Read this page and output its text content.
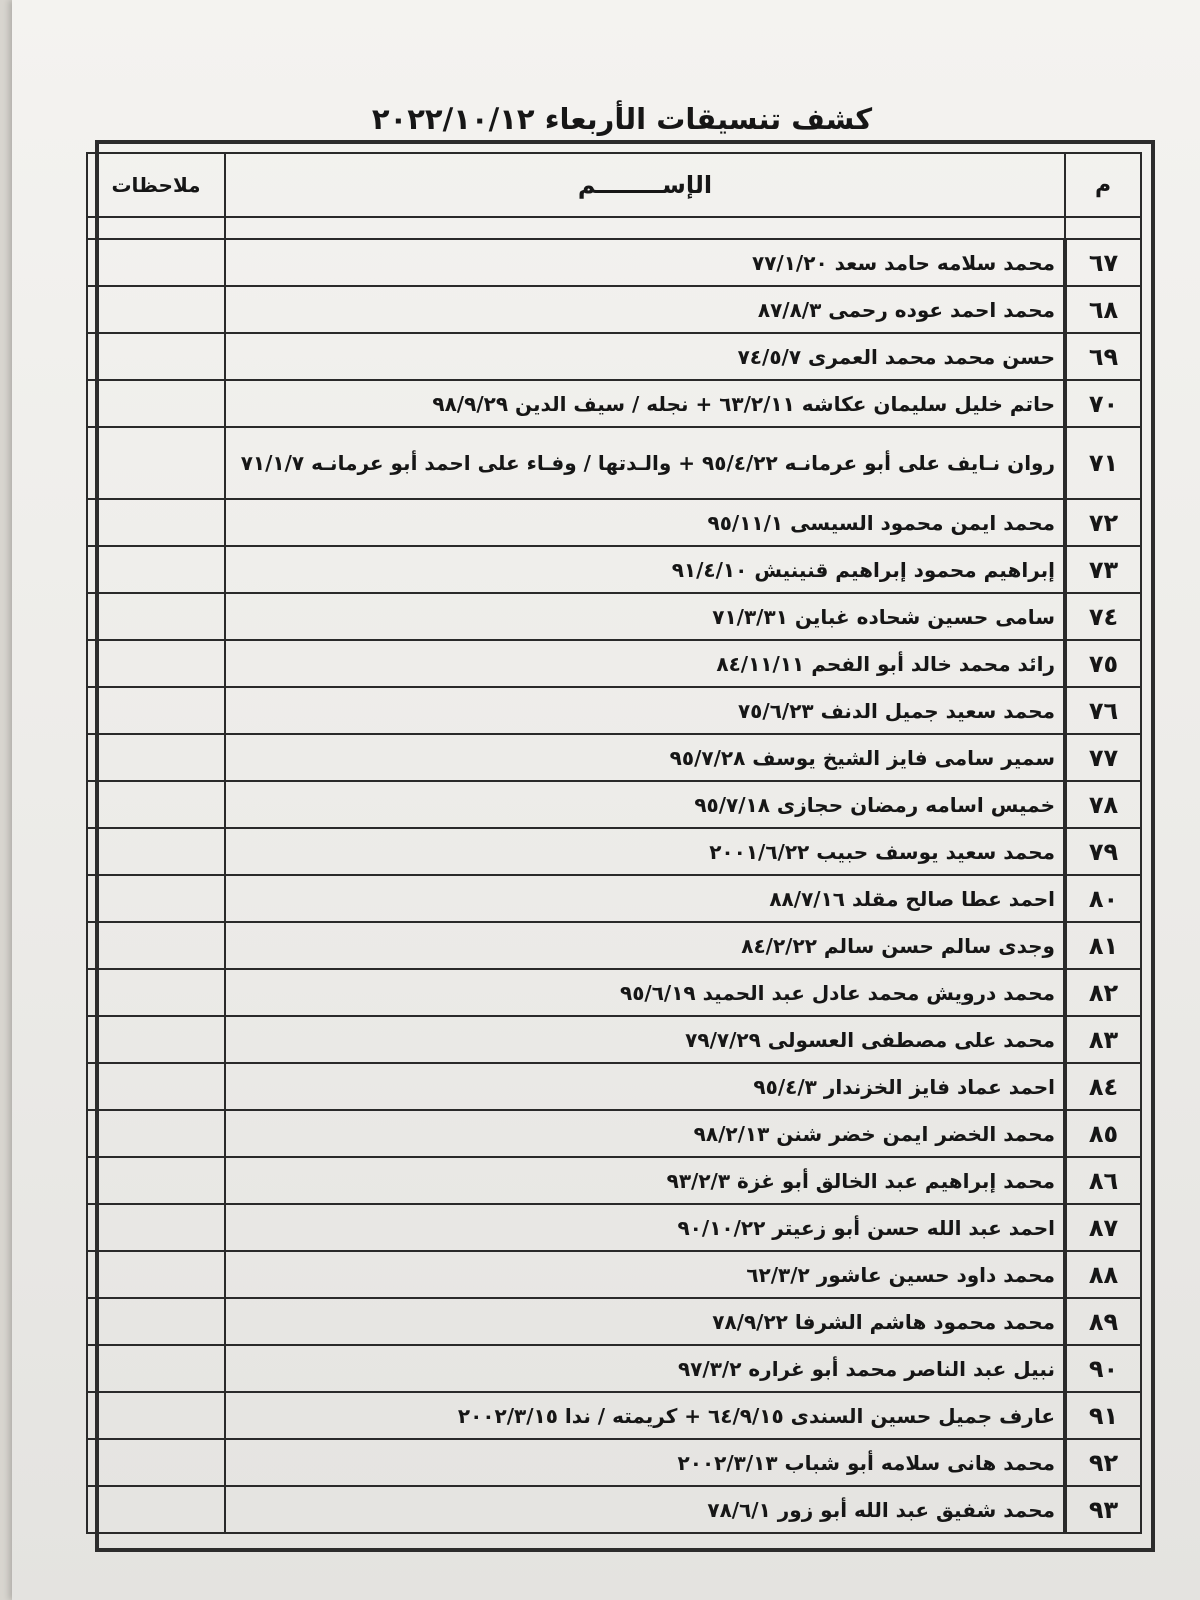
كشف تنسيقات الأربعاء ٢٠٢٢/١٠/١٢
م	الإســــــــم	ملاحظات

٦٧	محمد سلامه حامد سعد ٧٧/١/٢٠	
٦٨	محمد احمد عوده رحمى ٨٧/٨/٣	
٦٩	حسن محمد محمد العمرى ٧٤/٥/٧	
٧٠	حاتم خليل سليمان عكاشه ٦٣/٢/١١ + نجله / سيف الدين ٩٨/٩/٢٩	
٧١	روان نـايف على أبو عرمانـه ٩٥/٤/٢٢ + والـدتها / وفـاء على احمد أبو عرمانـه ٧١/١/٧	
٧٢	محمد ايمن محمود السيسى ٩٥/١١/١	
٧٣	إبراهيم محمود إبراهيم قنينيش ٩١/٤/١٠	
٧٤	سامى حسين شحاده غباين ٧١/٣/٣١	
٧٥	رائد محمد خالد أبو الفحم ٨٤/١١/١١	
٧٦	محمد سعيد جميل الدنف ٧٥/٦/٢٣	
٧٧	سمير سامى فايز الشيخ يوسف ٩٥/٧/٢٨	
٧٨	خميس اسامه رمضان حجازى ٩٥/٧/١٨	
٧٩	محمد سعيد يوسف حبيب ٢٠٠١/٦/٢٢	
٨٠	احمد عطا صالح مقلد ٨٨/٧/١٦	
٨١	وجدى سالم حسن سالم ٨٤/٢/٢٢	
٨٢	محمد درويش محمد عادل عبد الحميد ٩٥/٦/١٩	
٨٣	محمد على مصطفى العسولى ٧٩/٧/٢٩	
٨٤	احمد عماد فايز الخزندار ٩٥/٤/٣	
٨٥	محمد الخضر ايمن خضر شنن ٩٨/٢/١٣	
٨٦	محمد إبراهيم عبد الخالق أبو غزة ٩٣/٢/٣	
٨٧	احمد عبد الله حسن أبو زعيتر ٩٠/١٠/٢٢	
٨٨	محمد داود حسين عاشور ٦٢/٣/٢	
٨٩	محمد محمود هاشم الشرفا ٧٨/٩/٢٢	
٩٠	نبيل عبد الناصر محمد أبو غراره ٩٧/٣/٢	
٩١	عارف جميل حسين السندى ٦٤/٩/١٥ + كريمته / ندا ٢٠٠٢/٣/١٥	
٩٢	محمد هانى سلامه أبو شباب ٢٠٠٢/٣/١٣	
٩٣	محمد شفيق عبد الله أبو زور ٧٨/٦/١	
